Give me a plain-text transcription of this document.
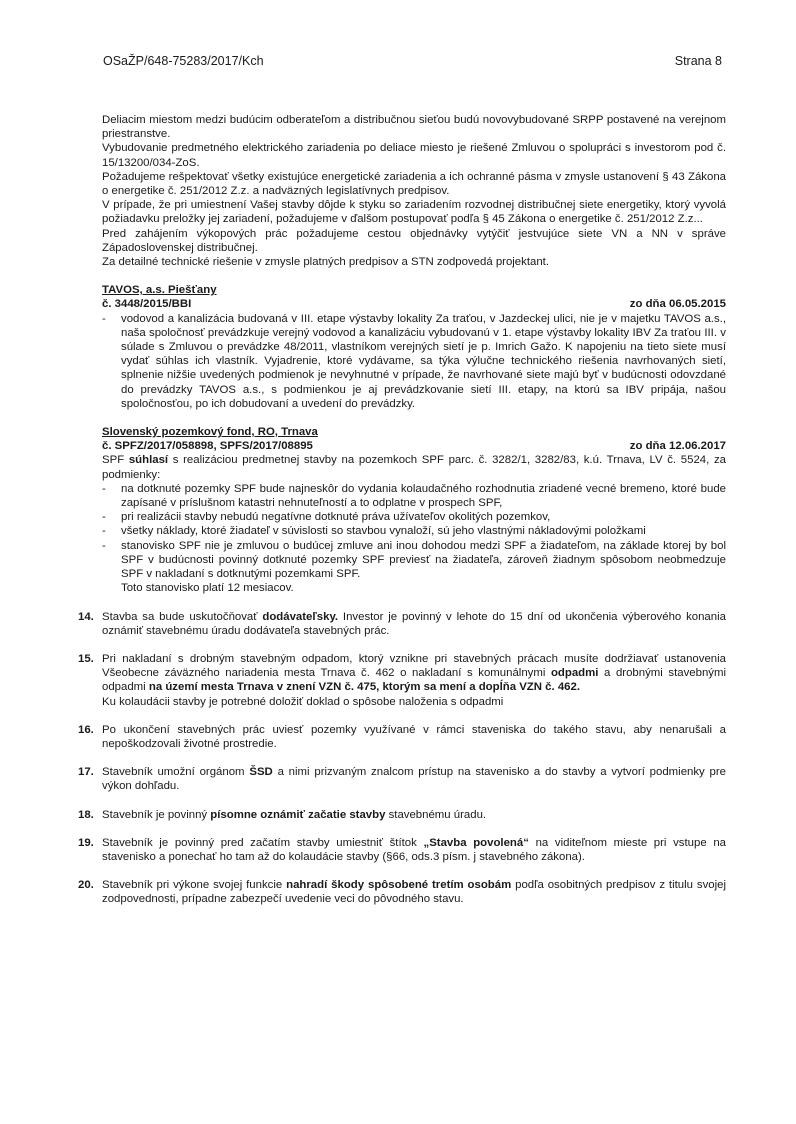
OSaŽP/648-75283/2017/Kch	Strana 8

Deliacim miestom medzi budúcim odberateľom a distribučnou sieťou budú novovybudované SRPP postavené na verejnom priestranstve.

Vybudovanie predmetného elektrického zariadenia po deliace miesto je riešené Zmluvou o spolupráci s investorom pod č. 15/13200/034-ZoS.

Požadujeme rešpektovať všetky existujúce energetické zariadenia a ich ochranné pásma v zmysle ustanovení § 43 Zákona o energetike č. 251/2012 Z.z. a nadväzných legislatívnych predpisov.

V prípade, že pri umiestnení Vašej stavby dôjde k styku so zariadením rozvodnej distribučnej siete energetiky, ktorý vyvolá požiadavku preložky jej zariadení, požadujeme v ďalšom postupovať podľa § 45 Zákona o energetike č. 251/2012 Z.z...

Pred zahájením výkopových prác požadujeme cestou objednávky vytýčiť jestvujúce siete VN a NN v správe Západoslovenskej distribučnej.

Za detailné technické riešenie v zmysle platných predpisov a STN zodpovedá projektant.

TAVOS, a.s. Piešťany

č. 3448/2015/BBI	zo dňa 06.05.2015

- vodovod a kanalizácia budovaná v III. etape výstavby lokality Za traťou, v Jazdeckej ulici, nie je v majetku TAVOS a.s., naša spoločnosť prevádzkuje verejný vodovod a kanalizáciu vybudovanú v 1. etape výstavby lokality IBV Za traťou III. v súlade s Zmluvou o prevádzke 48/2011, vlastníkom verejných sietí je p. Imrich Gažo. K napojeniu na tieto siete musí vydať súhlas ich vlastník. Vyjadrenie, ktoré vydávame, sa týka výlučne technického riešenia navrhovaných sietí, splnenie nižšie uvedených podmienok je nevyhnutné v prípade, že navrhované siete majú byť v budúcnosti odovzdané do prevádzky TAVOS a.s., s podmienkou je aj prevádzkovanie sietí III. etapy, na ktorú sa IBV pripája, našou spoločnosťou, po ich dobudovaní a uvedení do prevádzky.

Slovenský pozemkový fond, RO, Trnava

č. SPFZ/2017/058898, SPFS/2017/08895	zo dňa 12.06.2017

SPF súhlasí s realizáciou predmetnej stavby na pozemkoch SPF parc. č. 3282/1, 3282/83, k.ú. Trnava, LV č. 5524, za podmienky:

- na dotknuté pozemky SPF bude najneskôr do vydania kolaudačného rozhodnutia zriadené vecné bremeno, ktoré bude zapísané v príslušnom katastri nehnuteľností a to odplatne v prospech SPF,
- pri realizácii stavby nebudú negatívne dotknuté práva užívateľov okolitých pozemkov,
- všetky náklady, ktoré žiadateľ v súvislosti so stavbou vynaloží, sú jeho vlastnými nákladovými položkami
- stanovisko SPF nie je zmluvou o budúcej zmluve ani inou dohodou medzi SPF a žiadateľom, na základe ktorej by bol SPF v budúcnosti povinný dotknuté pozemky SPF previesť na žiadateľa, zároveň žiadnym spôsobom neobmedzuje SPF v nakladaní s dotknutými pozemkami SPF.

Toto stanovisko platí 12 mesiacov.

14. Stavba sa bude uskutočňovať dodávateľsky. Investor je povinný v lehote do 15 dní od ukončenia výberového konania oznámiť stavebnému úradu dodávateľa stavebných prác.
15. Pri nakladaní s drobným stavebným odpadom, ktorý vznikne pri stavebných prácach musíte dodržiavať ustanovenia Všeobecne záväzného nariadenia mesta Trnava č. 462 o nakladaní s komunálnymi odpadmi a drobnými stavebnými odpadmi na území mesta Trnava v znení VZN č. 475, ktorým sa mení a dopĺňa VZN č. 462.
Ku kolaudácii stavby je potrebné doložiť doklad o spôsobe naloženia s odpadmi
16. Po ukončení stavebných prác uviesť pozemky využívané v rámci staveniska do takého stavu, aby nenarušali a nepoškodzovali životné prostredie.
17. Stavebník umožní orgánom ŠSD a nimi prizvaným znalcom prístup na stavenisko a do stavby a vytvorí podmienky pre výkon dohľadu.
18. Stavebník je povinný písomne oznámiť začatie stavby stavebnému úradu.
19. Stavebník je povinný pred začatím stavby umiestniť štítok „Stavba povolená“ na viditeľnom mieste pri vstupe na stavenisko a ponechať ho tam až do kolaudácie stavby (§66, ods.3 písm. j stavebného zákona).
20. Stavebník pri výkone svojej funkcie nahradí škody spôsobené tretím osobám podľa osobitných predpisov z titulu svojej zodpovednosti, prípadne zabezpečí uvedenie veci do pôvodného stavu.
